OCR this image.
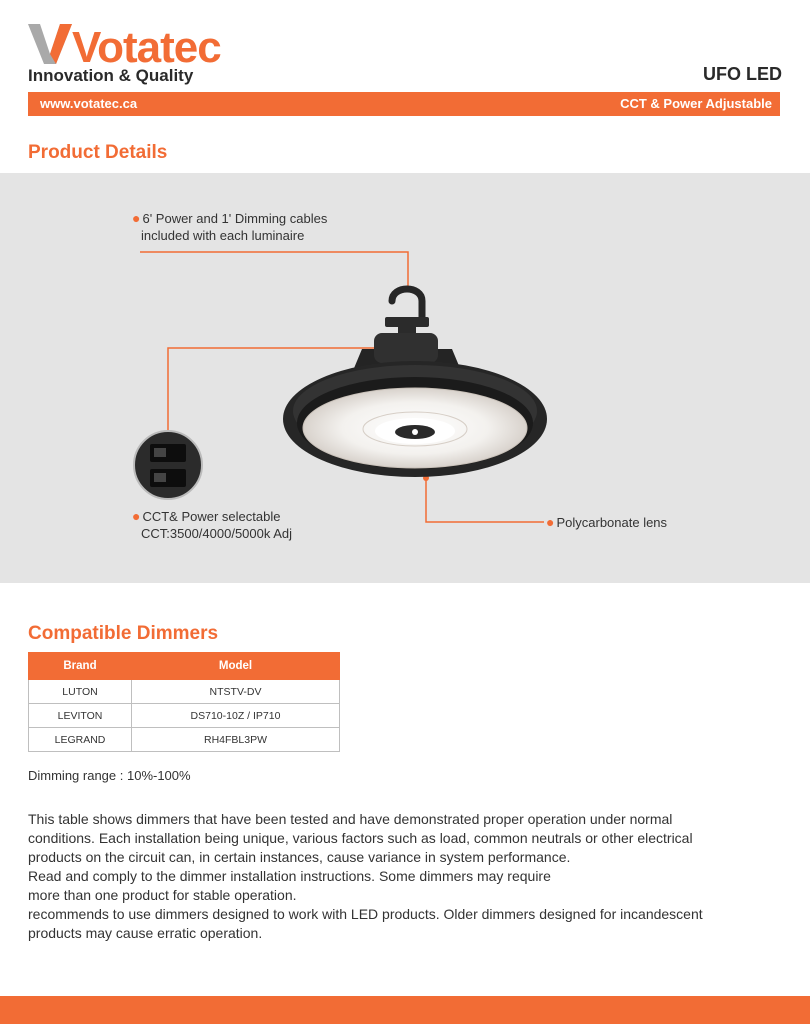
Votatec
Innovation & Quality	UFO LED
www.votatec.ca	CCT & Power Adjustable
Product Details
● 6' Power and 1' Dimming cables
included with each luminaire
● CCT& Power selectable
CCT:3500/4000/5000k Adj
● Polycarbonate lens
Compatible Dimmers
Brand	Model
LUTON	NTSTV-DV
LEVITON	DS710-10Z / IP710
LEGRAND	RH4FBL3PW
Dimming range : 10%-100%

This table shows dimmers that have been tested and have demonstrated proper operation under normal conditions. Each installation being unique, various factors such as load, common neutrals or other electrical products on the circuit can, in certain instances, cause variance in system performance.

Read and comply to the dimmer installation instructions. Some dimmers may require

more than one product for stable operation.

recommends to use dimmers designed to work with LED products. Older dimmers designed for incandescent products may cause erratic operation.
